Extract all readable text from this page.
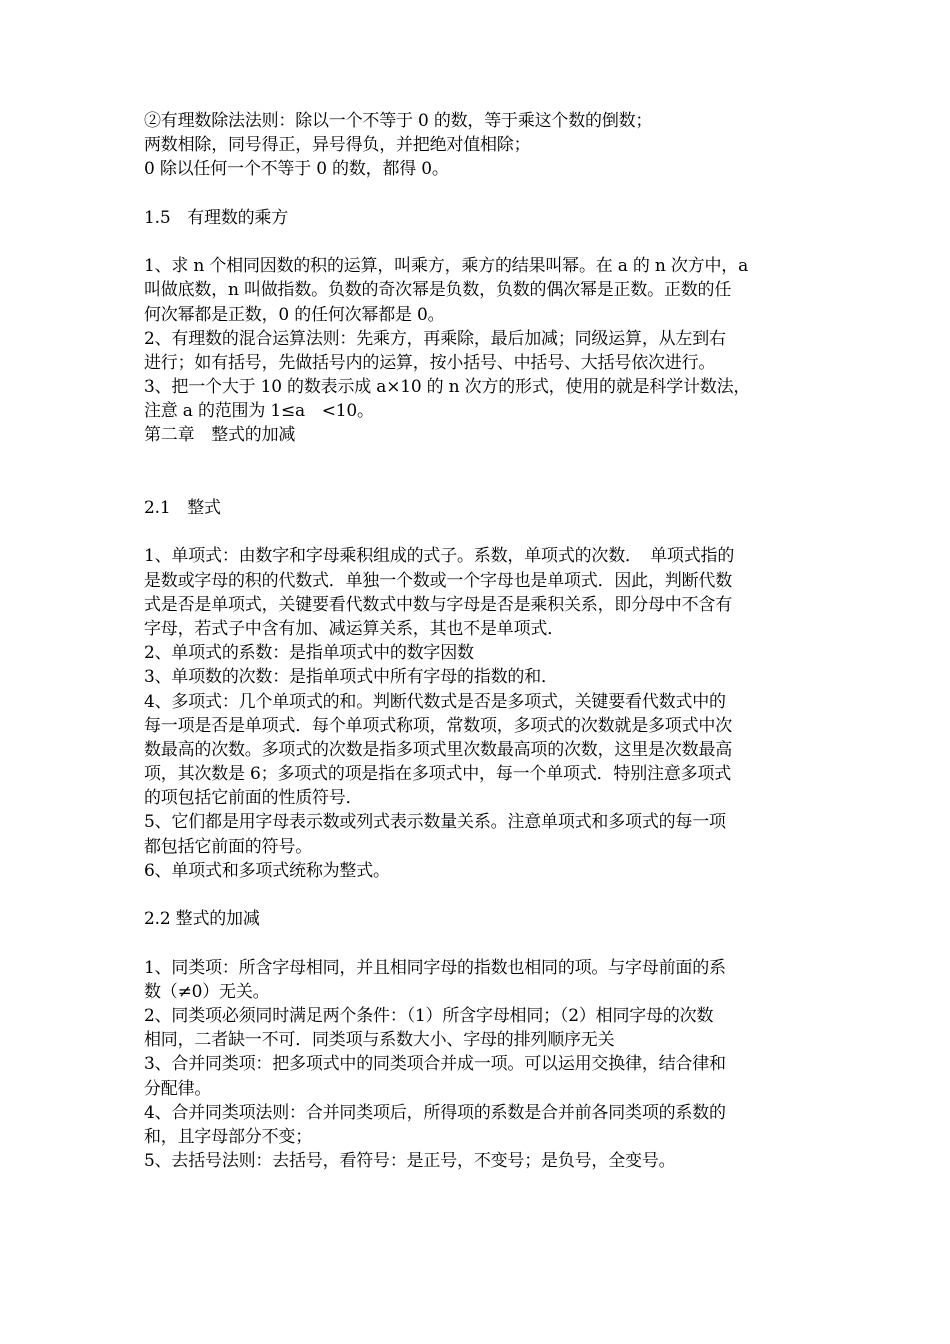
②有理数除法法则：除以一个不等于 0 的数，等于乘这个数的倒数；
两数相除，同号得正，异号得负，并把绝对值相除；
0 除以任何一个不等于 0 的数，都得 0。
1.5　有理数的乘方
1、求 n 个相同因数的积的运算，叫乘方，乘方的结果叫幂。在 a 的 n 次方中，a
叫做底数，n 叫做指数。负数的奇次幂是负数，负数的偶次幂是正数。正数的任
何次幂都是正数，0 的任何次幂都是 0。
2、有理数的混合运算法则：先乘方，再乘除，最后加减；同级运算，从左到右
进行；如有括号，先做括号内的运算，按小括号、中括号、大括号依次进行。
3、把一个大于 10 的数表示成 a×10 的 n 次方的形式，使用的就是科学计数法，
注意 a 的范围为 1≤a　<10。
第二章　整式的加减
2.1　整式
1、单项式：由数字和字母乘积组成的式子。系数，单项式的次数．　单项式指的
是数或字母的积的代数式．单独一个数或一个字母也是单项式．因此，判断代数
式是否是单项式，关键要看代数式中数与字母是否是乘积关系，即分母中不含有
字母，若式子中含有加、减运算关系，其也不是单项式．
2、单项式的系数：是指单项式中的数字因数
3、单项数的次数：是指单项式中所有字母的指数的和．
4、多项式：几个单项式的和。判断代数式是否是多项式，关键要看代数式中的
每一项是否是单项式．每个单项式称项，常数项，多项式的次数就是多项式中次
数最高的次数。多项式的次数是指多项式里次数最高项的次数，这里是次数最高
项，其次数是 6；多项式的项是指在多项式中，每一个单项式．特别注意多项式
的项包括它前面的性质符号．
5、它们都是用字母表示数或列式表示数量关系。注意单项式和多项式的每一项
都包括它前面的符号。
6、单项式和多项式统称为整式。
2.2 整式的加减
1、同类项：所含字母相同，并且相同字母的指数也相同的项。与字母前面的系
数（≠0）无关。
2、同类项必须同时满足两个条件：（1）所含字母相同；（2）相同字母的次数
相同，二者缺一不可．同类项与系数大小、字母的排列顺序无关
3、合并同类项：把多项式中的同类项合并成一项。可以运用交换律，结合律和
分配律。
4、合并同类项法则：合并同类项后，所得项的系数是合并前各同类项的系数的
和，且字母部分不变；
5、去括号法则：去括号，看符号：是正号，不变号；是负号，全变号。
